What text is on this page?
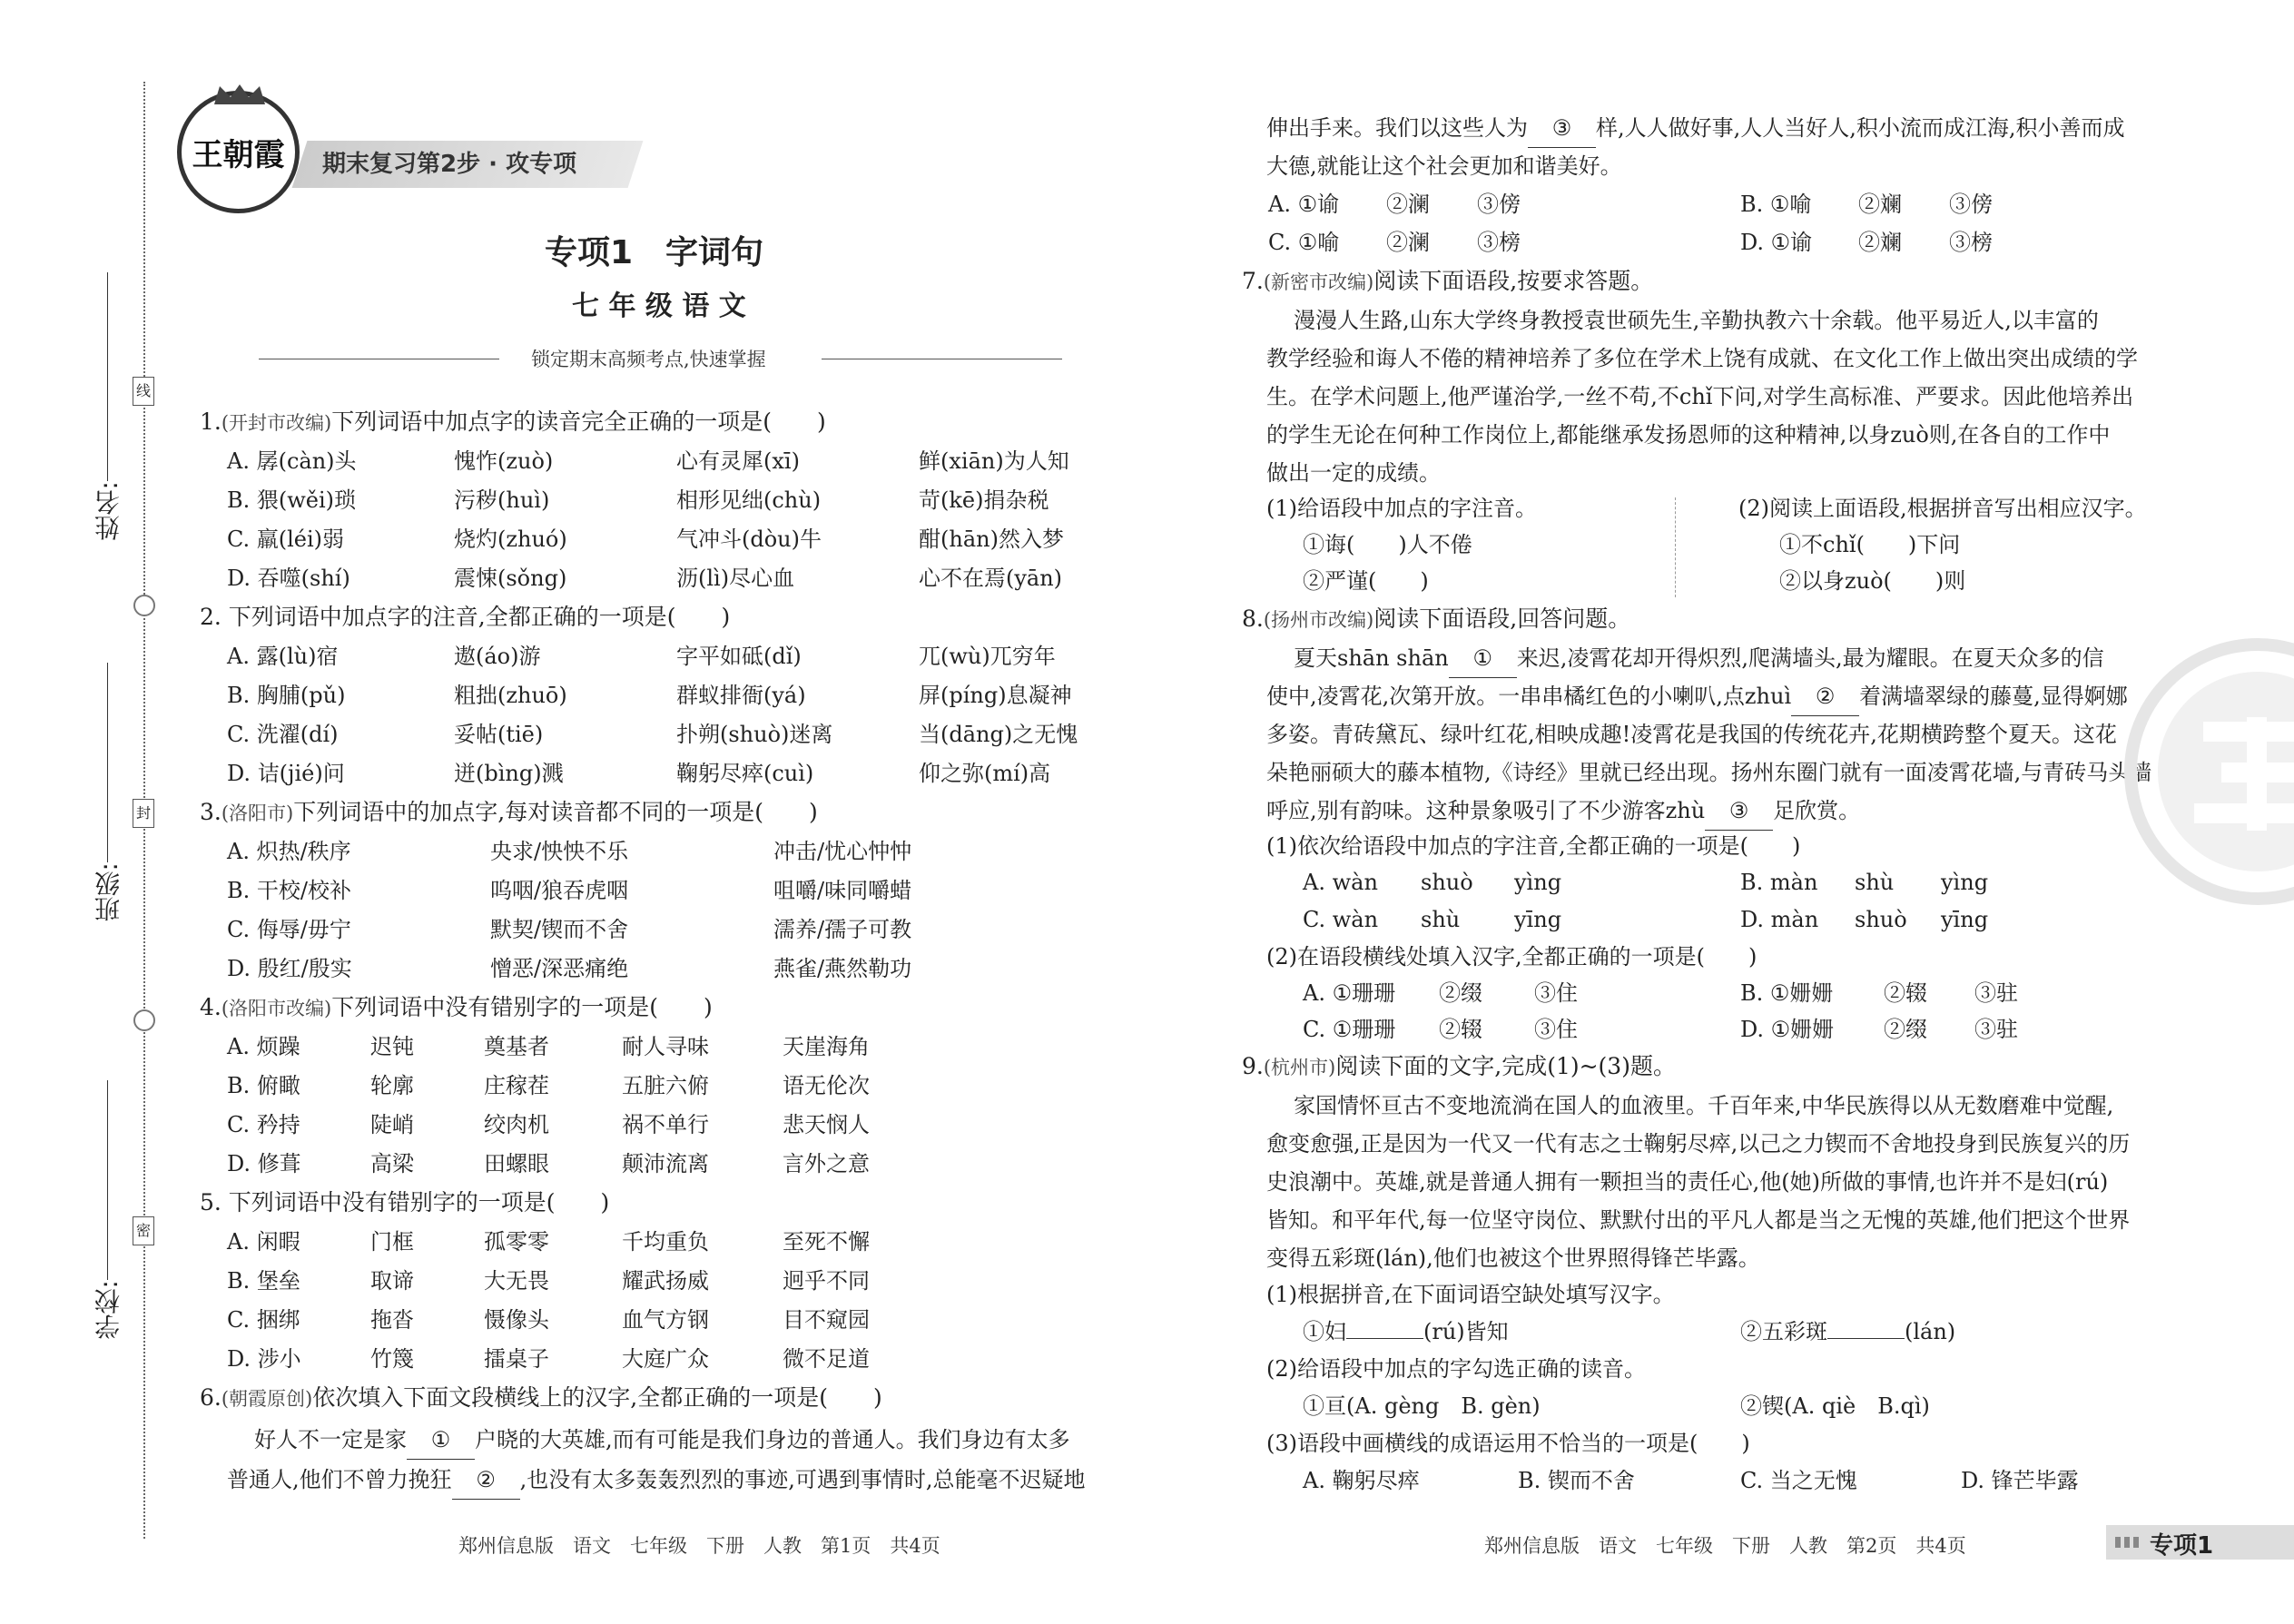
姓名:
班级:
学校:
线
封
密
王朝霞	期末复习第2步 · 攻专项
专项1　字词句
七 年 级 语 文
锁定期末高频考点,快速掌握
1.(开封市改编)下列词语中加点字的读音完全正确的一项是(　　)
A. 孱(càn)头	愧怍(zuò)	心有灵犀(xī)	鲜(xiān)为人知
B. 猥(wěi)琐	污秽(huì)	相形见绌(chù)	苛(kē)捐杂税
C. 羸(léi)弱	烧灼(zhuó)	气冲斗(dòu)牛	酣(hān)然入梦
D. 吞噬(shí)	震悚(sǒng)	沥(lì)尽心血	心不在焉(yān)
2. 下列词语中加点字的注音,全都正确的一项是(　　)
A. 露(lù)宿	遨(áo)游	字平如砥(dǐ)	兀(wù)兀穷年
B. 胸脯(pǔ)	粗拙(zhuō)	群蚁排衙(yá)	屏(píng)息凝神
C. 洗濯(dí)	妥帖(tiē)	扑朔(shuò)迷离	当(dāng)之无愧
D. 诘(jié)问	迸(bìng)溅	鞠躬尽瘁(cuì)	仰之弥(mí)高
3.(洛阳市)下列词语中的加点字,每对读音都不同的一项是(　　)
A. 炽热/秩序	央求/怏怏不乐	冲击/忧心忡忡
B. 干校/校补	呜咽/狼吞虎咽	咀嚼/味同嚼蜡
C. 侮辱/毋宁	默契/锲而不舍	濡养/孺子可教
D. 殷红/殷实	憎恶/深恶痛绝	燕雀/燕然勒功
4.(洛阳市改编)下列词语中没有错别字的一项是(　　)
A. 烦躁	迟钝	奠基者	耐人寻味	天崖海角
B. 俯瞰	轮廓	庄稼茬	五脏六俯	语无伦次
C. 矜持	陡峭	绞肉机	祸不单行	悲天悯人
D. 修葺	高梁	田螺眼	颠沛流离	言外之意
5. 下列词语中没有错别字的一项是(　　)
A. 闲暇	门框	孤零零	千均重负	至死不懈
B. 堡垒	取谛	大无畏	耀武扬威	迥乎不同
C. 捆绑	拖沓	慑像头	血气方钢	目不窥园
D. 涉小	竹篾	擂桌子	大庭广众	微不足道
6.(朝霞原创)依次填入下面文段横线上的汉字,全都正确的一项是(　　)
好人不一定是家 ① 户晓的大英雄,而有可能是我们身边的普通人。我们身边有太多
普通人,他们不曾力挽狂 ② ,也没有太多轰轰烈烈的事迹,可遇到事情时,总能毫不迟疑地
郑州信息版　语文　七年级　下册　人教　第1页　共4页
伸出手来。我们以这些人为 ③ 样,人人做好事,人人当好人,积小流而成江海,积小善而成
大德,就能让这个社会更加和谐美好。
A. ①谕 ②澜 ③傍	B. ①喻 ②斓 ③傍
C. ①喻 ②澜 ③榜	D. ①谕 ②斓 ③榜
7.(新密市改编)阅读下面语段,按要求答题。
漫漫人生路,山东大学终身教授袁世硕先生,辛勤执教六十余载。他平易近人,以丰富的
教学经验和诲人不倦的精神培养了多位在学术上饶有成就、在文化工作上做出突出成绩的学
生。在学术问题上,他严谨治学,一丝不苟,不chǐ下问,对学生高标准、严要求。因此他培养出
的学生无论在何种工作岗位上,都能继承发扬恩师的这种精神,以身zuò则,在各自的工作中
做出一定的成绩。
(1)给语段中加点的字注音。
①诲(　　)人不倦
②严谨(　　)
(2)阅读上面语段,根据拼音写出相应汉字。
①不chǐ(　　)下问
②以身zuò(　　)则
8.(扬州市改编)阅读下面语段,回答问题。
夏天shān shān ① 来迟,凌霄花却开得炽烈,爬满墙头,最为耀眼。在夏天众多的信
使中,凌霄花,次第开放。一串串橘红色的小喇叭,点zhuì ② 着满墙翠绿的藤蔓,显得婀娜
多姿。青砖黛瓦、绿叶红花,相映成趣!凌霄花是我国的传统花卉,花期横跨整个夏天。这花
朵艳丽硕大的藤本植物,《诗经》里就已经出现。扬州东圈门就有一面凌霄花墙,与青砖马头墙
呼应,别有韵味。这种景象吸引了不少游客zhù ③ 足欣赏。
(1)依次给语段中加点的字注音,全都正确的一项是(　　)
A. wàn shuò yìng	B. màn shù yìng
C. wàn shù yīng	D. màn shuò yīng
(2)在语段横线处填入汉字,全都正确的一项是(　　)
A. ①珊珊 ②缀 ③住	B. ①姗姗 ②辍 ③驻
C. ①珊珊 ②辍 ③住	D. ①姗姗 ②缀 ③驻
9.(杭州市)阅读下面的文字,完成(1)~(3)题。
家国情怀亘古不变地流淌在国人的血液里。千百年来,中华民族得以从无数磨难中觉醒,
愈变愈强,正是因为一代又一代有志之士鞠躬尽瘁,以己之力锲而不舍地投身到民族复兴的历
史浪潮中。英雄,就是普通人拥有一颗担当的责任心,他(她)所做的事情,也许并不是妇(rú)
皆知。和平年代,每一位坚守岗位、默默付出的平凡人都是当之无愧的英雄,他们把这个世界
变得五彩斑(lán),他们也被这个世界照得锋芒毕露。
(1)根据拼音,在下面词语空缺处填写汉字。
①妇	(rú)皆知	②五彩斑	(lán)
(2)给语段中加点的字勾选正确的读音。
①亘(A. gèng　B. gèn)	②锲(A. qiè　B.qì)
(3)语段中画横线的成语运用不恰当的一项是(　　)
A. 鞠躬尽瘁	B. 锲而不舍	C. 当之无愧	D. 锋芒毕露
郑州信息版　语文　七年级　下册　人教　第2页　共4页	专项1
